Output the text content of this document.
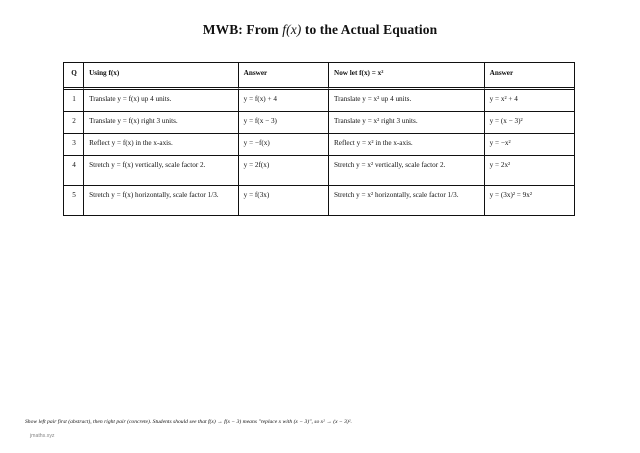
MWB: From f(x) to the Actual Equation
Q	Using f(x)	Answer	Now let f(x) = x²	Answer
1	Translate y = f(x) up 4 units.	y = f(x) + 4	Translate y = x² up 4 units.	y = x² + 4
2	Translate y = f(x) right 3 units.	y = f(x − 3)	Translate y = x² right 3 units.	y = (x − 3)²
3	Reflect y = f(x) in the x-axis.	y = −f(x)	Reflect y = x² in the x-axis.	y = −x²
4	Stretch y = f(x) vertically, scale factor 2.	y = 2f(x)	Stretch y = x² vertically, scale factor 2.	y = 2x²
5	Stretch y = f(x) horizontally, scale factor 1/3.	y = f(3x)	Stretch y = x² horizontally, scale factor 1/3.	y = (3x)² = 9x²
Show left pair first (abstract), then right pair (concrete). Students should see that f(x) → f(x − 3) means "replace x with (x − 3)", so x² → (x − 3)².
jmaths.xyz
